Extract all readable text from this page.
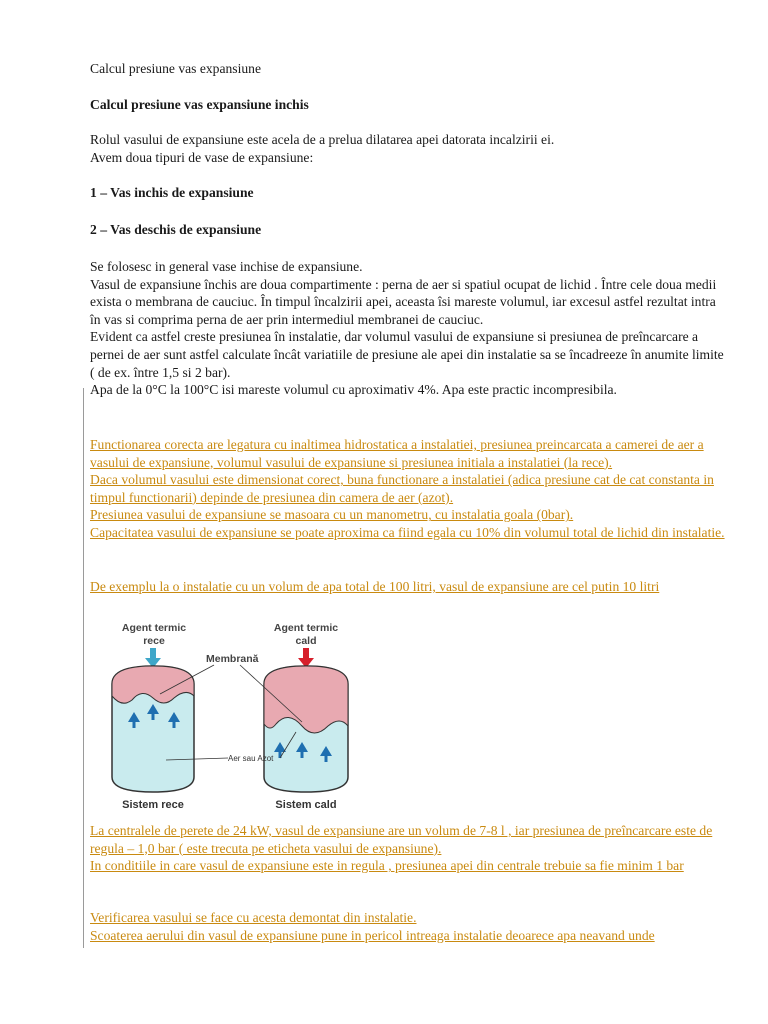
Calcul presiune vas expansiune

Calcul presiune vas expansiune inchis

Rolul vasului de expansiune este acela de a prelua dilatarea apei datorata incalzirii ei.

Avem doua tipuri de vase de expansiune:

1 – Vas inchis de expansiune

2 – Vas deschis de expansiune

Se folosesc in general vase inchise de expansiune.

Vasul de expansiune închis are doua compartimente : perna de aer si spatiul ocupat de lichid . Între cele doua medii exista o membrana de cauciuc. În timpul încalzirii apei, aceasta îsi mareste volumul, iar excesul astfel rezultat intra în vas si comprima perna de aer prin intermediul membranei de cauciuc.

Evident ca astfel creste presiunea în instalatie, dar volumul vasului de expansiune si presiunea de preîncarcare a pernei de aer sunt astfel calculate încât variatiile de presiune ale apei din instalatie sa se încadreeze în anumite limite ( de ex. între 1,5 si 2 bar).

Apa de la 0°C la 100°C isi mareste volumul cu aproximativ 4%. Apa este practic incompresibila.

Functionarea corecta are legatura cu inaltimea hidrostatica a instalatiei, presiunea preincarcata a camerei de aer a vasului de expansiune, volumul vasului de expansiune si presiunea initiala a instalatiei (la rece).

Daca volumul vasului este dimensionat corect, buna functionare a instalatiei (adica presiune cat de cat constanta in timpul functionarii) depinde de presiunea din camera de aer (azot).

Presiunea vasului de expansiune se masoara cu un manometru, cu instalatia goala (0bar).

Capacitatea vasului de expansiune se poate aproxima ca fiind egala cu 10% din volumul total de lichid din instalatie.

De exemplu la o instalatie cu un volum de apa total de 100 litri, vasul de expansiune are cel putin 10 litri

La centralele de perete de 24 kW, vasul de expansiune are un volum de 7-8 l , iar presiunea de preîncarcare este de regula – 1,0 bar ( este trecuta pe eticheta vasului de expansiune).

In conditiile in care vasul de expansiune este in regula , presiunea apei din centrale trebuie sa fie minim 1 bar

Verificarea vasului se face cu acesta demontat din instalatie.

Scoaterea aerului din vasul de expansiune pune in pericol intreaga instalatie deoarece apa neavand unde

Agent termic
rece
Agent termic
cald
Membrană
Aer sau Azot
Sistem rece	Sistem cald
